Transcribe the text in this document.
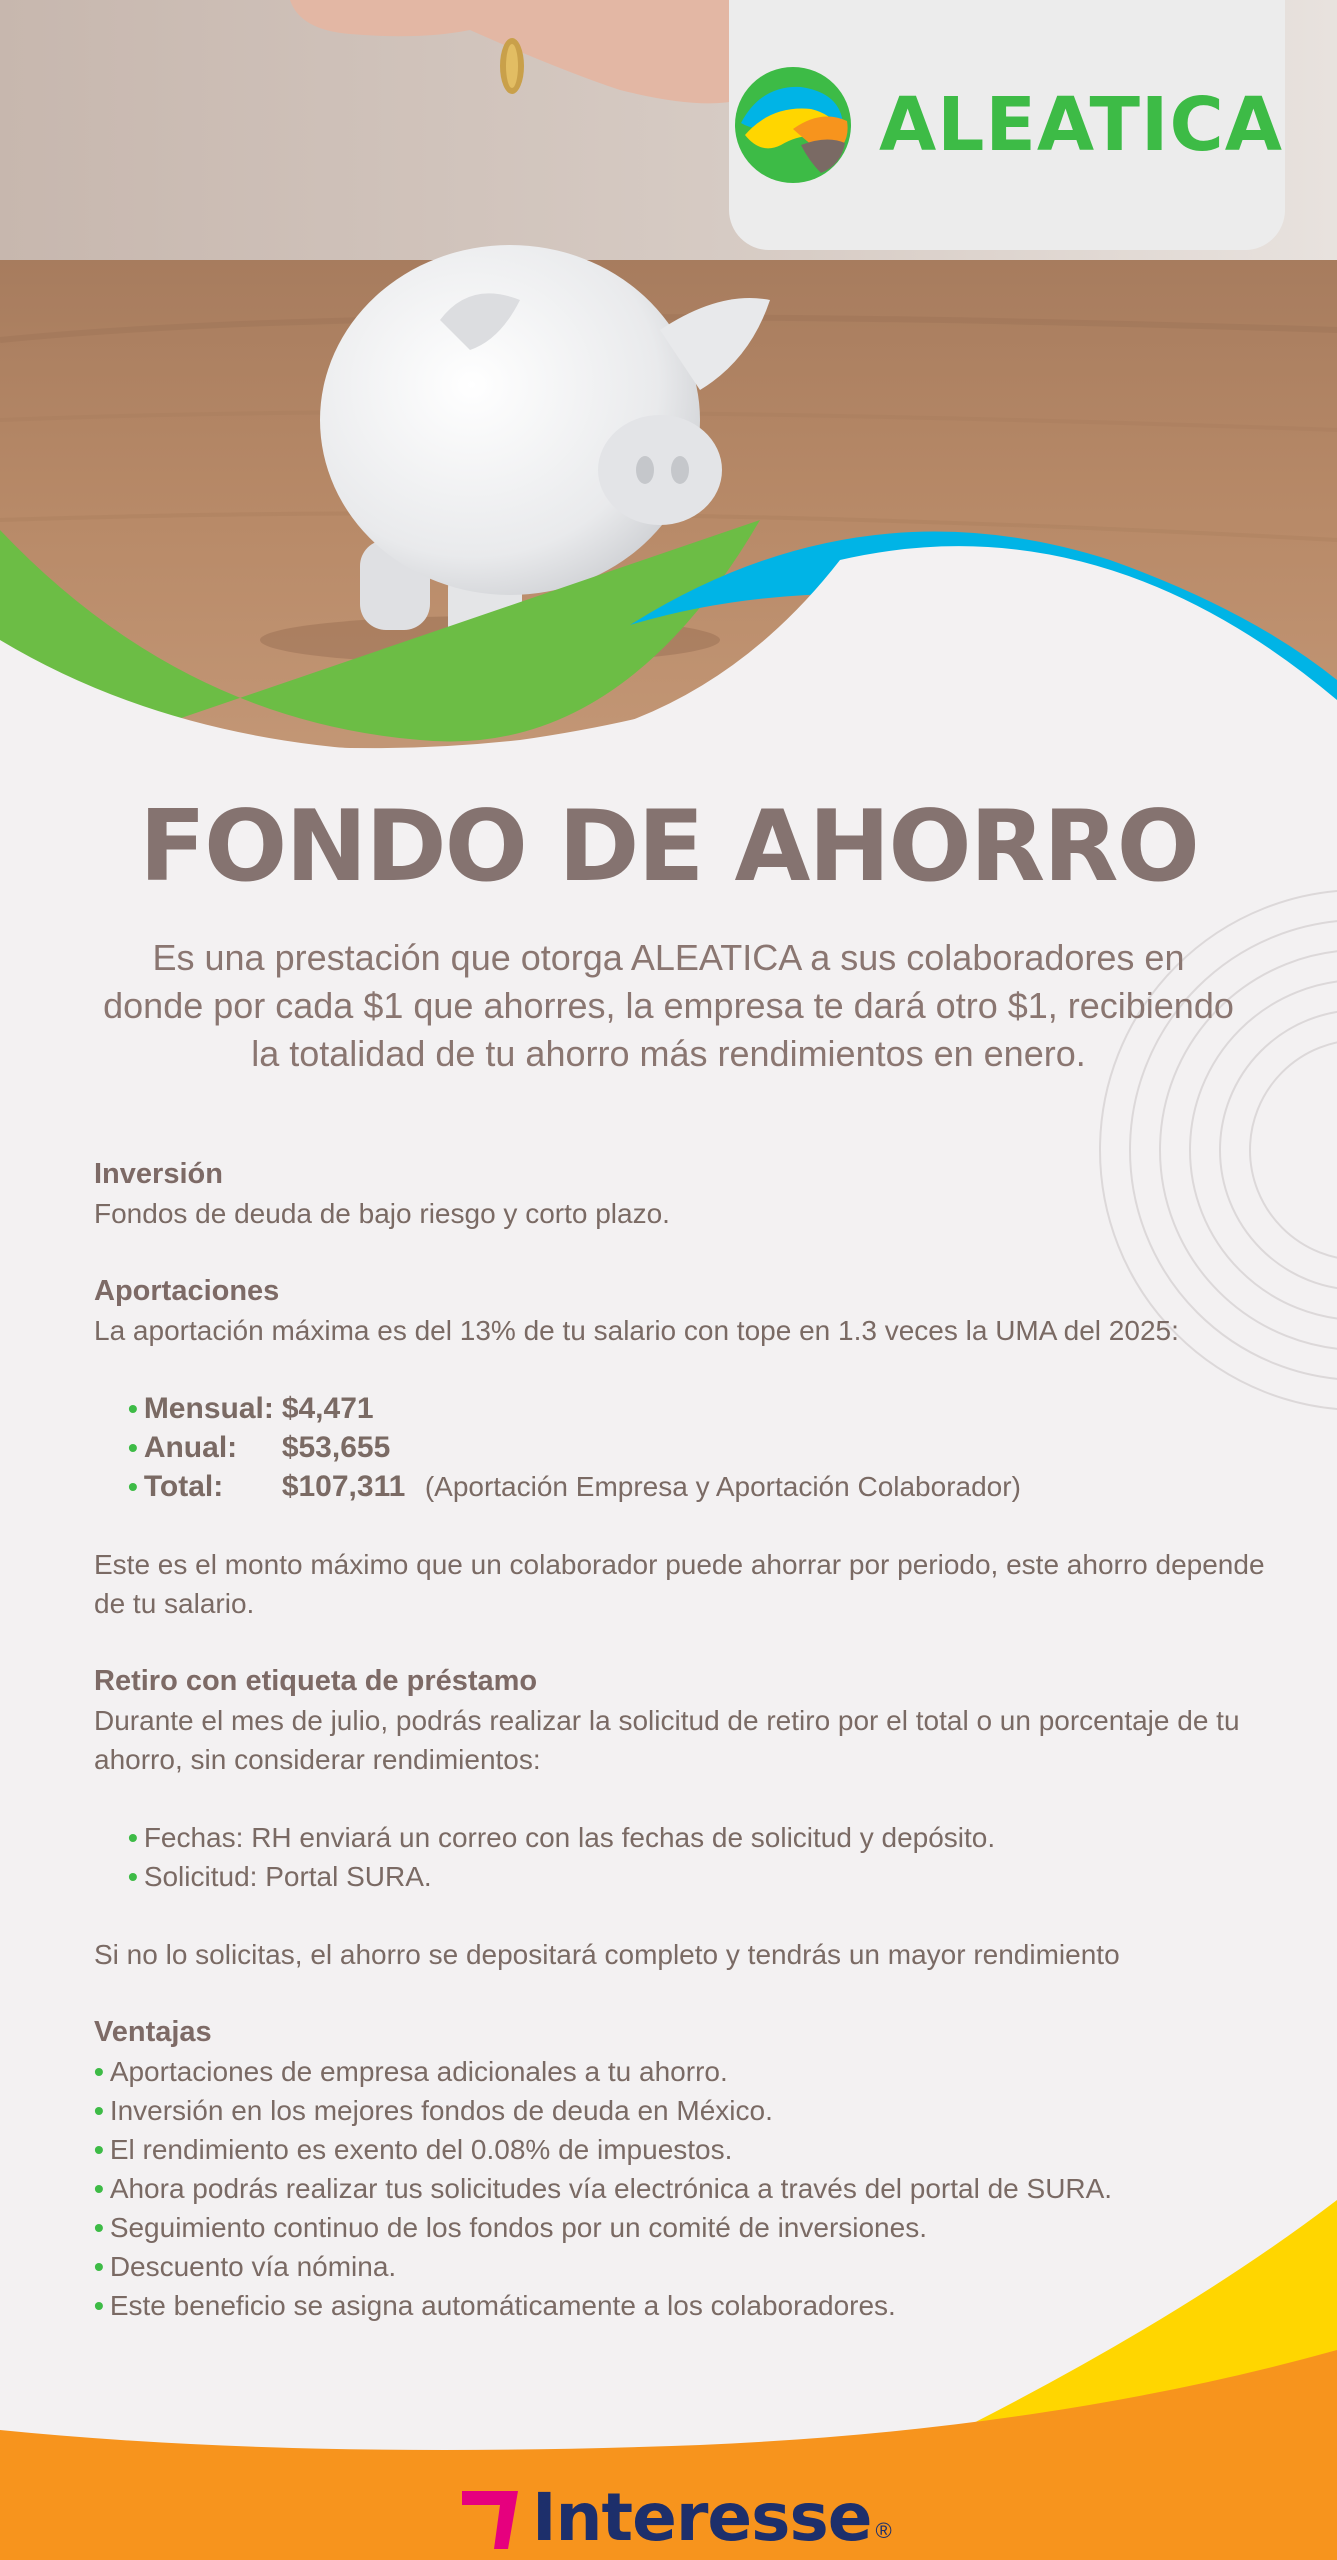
ALEATICA
FONDO DE AHORRO

Es una prestación que otorga ALEATICA a sus colaboradores en donde por cada $1 que ahorres, la empresa te dará otro $1, recibiendo la totalidad de tu ahorro más rendimientos en enero.

Inversión

Fondos de deuda de bajo riesgo y corto plazo.

Aportaciones

La aportación máxima es del 13% de tu salario con tope en 1.3 veces la UMA del 2025:

• Mensual: $4,471
• Anual: $53,655
• Total: $107,311 (Aportación Empresa y Aportación Colaborador)

Este es el monto máximo que un colaborador puede ahorrar por periodo, este ahorro depende de tu salario.

Retiro con etiqueta de préstamo

Durante el mes de julio, podrás realizar la solicitud de retiro por el total o un porcentaje de tu ahorro, sin considerar rendimientos:

• Fechas: RH enviará un correo con las fechas de solicitud y depósito.
• Solicitud: Portal SURA.

Si no lo solicitas, el ahorro se depositará completo y tendrás un mayor rendimiento

Ventajas
• Aportaciones de empresa adicionales a tu ahorro.
• Inversión en los mejores fondos de deuda en México.
• El rendimiento es exento del 0.08% de impuestos.
• Ahora podrás realizar tus solicitudes vía electrónica a través del portal de SURA.
• Seguimiento continuo de los fondos por un comité de inversiones.
• Descuento vía nómina.
• Este beneficio se asigna automáticamente a los colaboradores.
Interesse ®
